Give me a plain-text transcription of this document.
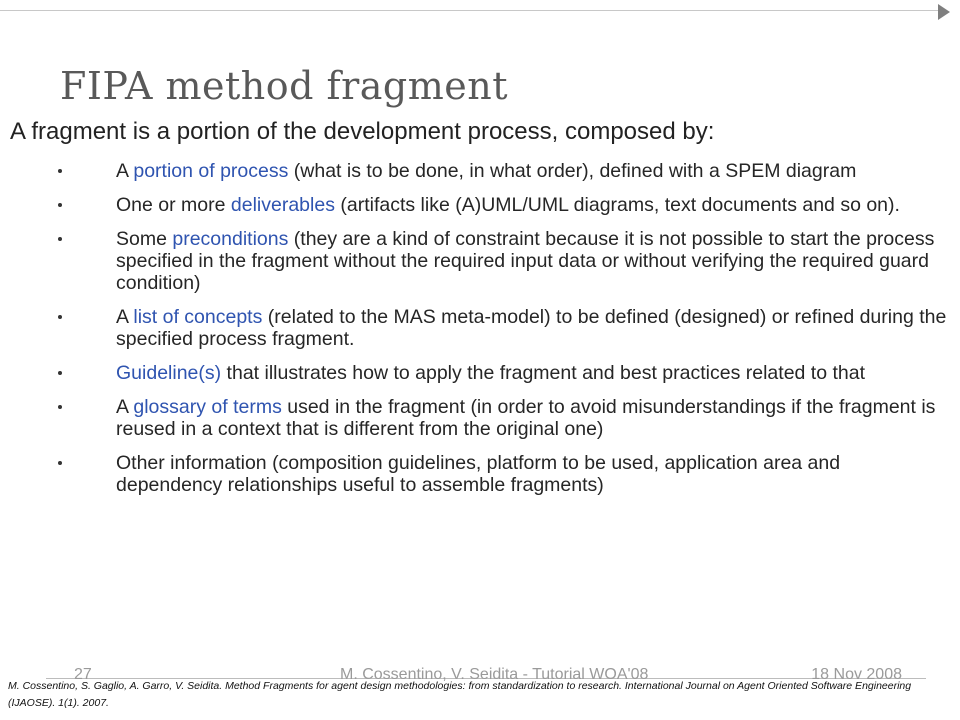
FIPA method fragment

A fragment is a portion of the development process, composed by:

A portion of process (what is to be done, in what order), defined with a SPEM diagram
One or more deliverables (artifacts like (A)UML/UML diagrams, text documents and so on).
Some preconditions (they are a kind of constraint because it is not possible to start the process specified in the fragment without the required input data or without verifying the required guard condition)
A list of concepts (related to the MAS meta-model) to be defined (designed) or refined during the specified process fragment.
Guideline(s) that illustrates how to apply the fragment and best practices related to that
A glossary of terms used in the fragment (in order to avoid misunderstandings if the fragment is reused in a context that is different from the original one)
Other information (composition guidelines, platform to be used, application area and dependency relationships useful to assemble fragments)
27	M. Cossentino, V. Seidita - Tutorial WOA'08	18 Nov 2008

M. Cossentino, S. Gaglio, A. Garro, V. Seidita. Method Fragments for agent design methodologies: from standardization to research. International Journal on Agent Oriented Software Engineering (IJAOSE). 1(1). 2007.
